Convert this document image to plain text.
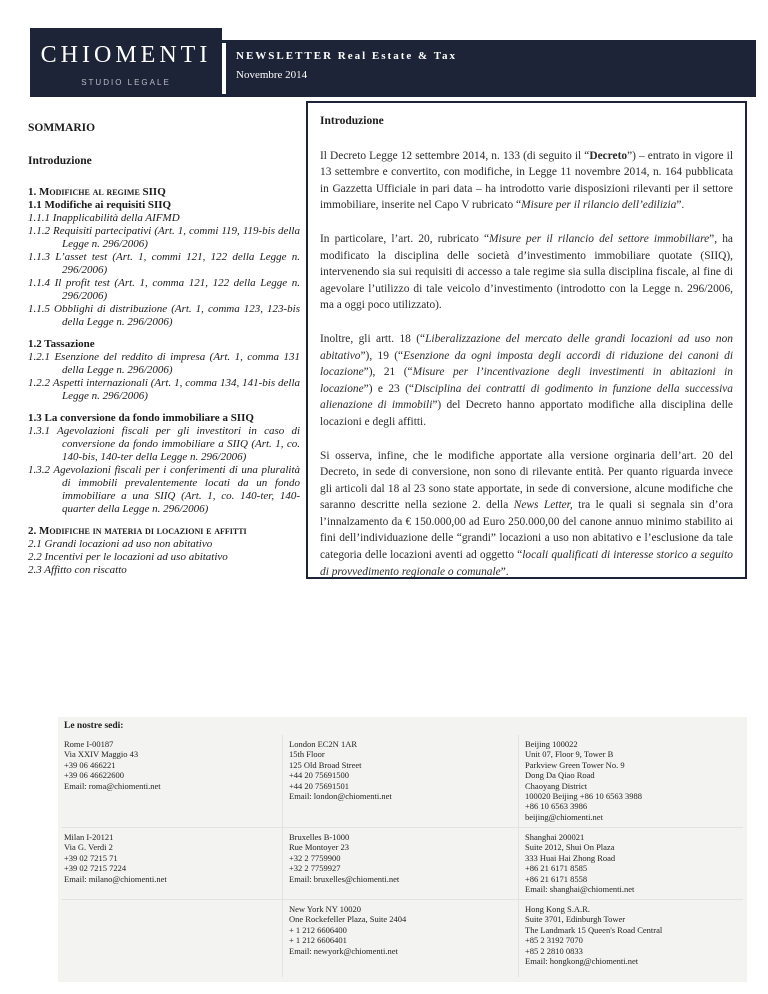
CHIOMENTI
STUDIO LEGALE
NEWSLETTER Real Estate & Tax
Novembre 2014
SOMMARIO
Introduzione
1. Modifiche al regime SIIQ
1.1 Modifiche ai requisiti SIIQ
1.1.1 Inapplicabilità della AIFMD
1.1.2 Requisiti partecipativi (Art. 1, commi 119, 119-bis della Legge n. 296/2006)
1.1.3 L’asset test (Art. 1, commi 121, 122 della Legge n. 296/2006)
1.1.4 Il profit test (Art. 1, comma 121, 122 della Legge n. 296/2006)
1.1.5 Obblighi di distribuzione (Art. 1, comma 123, 123-bis della Legge n. 296/2006)
1.2 Tassazione
1.2.1 Esenzione del reddito di impresa (Art. 1, comma 131 della Legge n. 296/2006)
1.2.2 Aspetti internazionali (Art. 1, comma 134, 141-bis della Legge n. 296/2006)
1.3 La conversione da fondo immobiliare a SIIQ
1.3.1 Agevolazioni fiscali per gli investitori in caso di conversione da fondo immobiliare a SIIQ (Art. 1, co. 140-bis, 140-ter della Legge n. 296/2006)
1.3.2 Agevolazioni fiscali per i conferimenti di una pluralità di immobili prevalentemente locati da un fondo immobiliare a una SIIQ (Art. 1, co. 140-ter, 140-quarter della Legge n. 296/2006)
2. Modifiche in materia di locazioni e affitti
2.1 Grandi locazioni ad uso non abitativo
2.2 Incentivi per le locazioni ad uso abitativo
2.3 Affitto con riscatto
Introduzione

Il Decreto Legge 12 settembre 2014, n. 133 (di seguito il “Decreto”) – entrato in vigore il 13 settembre e convertito, con modifiche, in Legge 11 novembre 2014, n. 164 pubblicata in Gazzetta Ufficiale in pari data – ha introdotto varie disposizioni rilevanti per il settore immobiliare, inserite nel Capo V rubricato “Misure per il rilancio dell’edilizia”.

In particolare, l’art. 20, rubricato “Misure per il rilancio del settore immobiliare”, ha modificato la disciplina delle società d’investimento immobiliare quotate (SIIQ), intervenendo sia sui requisiti di accesso a tale regime sia sulla disciplina fiscale, al fine di agevolare l’utilizzo di tale veicolo d’investimento (introdotto con la Legge n. 296/2006, ma a oggi poco utilizzato).

Inoltre, gli artt. 18 (“Liberalizzazione del mercato delle grandi locazioni ad uso non abitativo”), 19 (“Esenzione da ogni imposta degli accordi di riduzione dei canoni di locazione”), 21 (“Misure per l’incentivazione degli investimenti in abitazioni in locazione”) e 23 (“Disciplina dei contratti di godimento in funzione della successiva alienazione di immobili”) del Decreto hanno apportato modifiche alla disciplina delle locazioni e degli affitti.

Si osserva, infine, che le modifiche apportate alla versione orginaria dell’art. 20 del Decreto, in sede di conversione, non sono di rilevante entità. Per quanto riguarda invece gli articoli dal 18 al 23 sono state apportate, in sede di conversione, alcune modifiche che saranno descritte nella sezione 2. della News Letter, tra le quali si segnala sin d’ora l’innalzamento da € 150.000,00 ad Euro 250.000,00 del canone annuo minimo stabilito ai fini dell’individuazione delle “grandi” locazioni a uso non abitativo e l’esclusione da tale categoria delle locazioni aventi ad oggetto “locali qualificati di interesse storico a seguito di provvedimento regionale o comunale”.

Le nostre sedi:
Rome I-00187
Via XXIV Maggio 43
+39 06 466221
+39 06 46622600
Email: roma@chiomenti.net
London EC2N 1AR
15th Floor
125 Old Broad Street
+44 20 75691500
+44 20 75691501
Email: london@chiomenti.net
Beijing 100022
Unit 07, Floor 9, Tower B
Parkview Green Tower No. 9
Dong Da Qiao Road
Chaoyang District
100020 Beijing +86 10 6563 3988
+86 10 6563 3986
beijing@chiomenti.net
Milan I-20121
Via G. Verdi 2
+39 02 7215 71
+39 02 7215 7224
Email: milano@chiomenti.net
Bruxelles B-1000
Rue Montoyer 23
+32 2 7759900
+32 2 7759927
Email: bruxelles@chiomenti.net
Shanghai 200021
Suite 2012, Shui On Plaza
333 Huai Hai Zhong Road
+86 21 6171 8585
+86 21 6171 8558
Email: shanghai@chiomenti.net
New York NY 10020
One Rockefeller Plaza, Suite 2404
+ 1 212 6606400
+ 1 212 6606401
Email: newyork@chiomenti.net
Hong Kong S.A.R.
Suite 3701, Edinburgh Tower
The Landmark 15 Queen's Road Central
+85 2 3192 7070
+85 2 2810 0833
Email: hongkong@chiomenti.net
